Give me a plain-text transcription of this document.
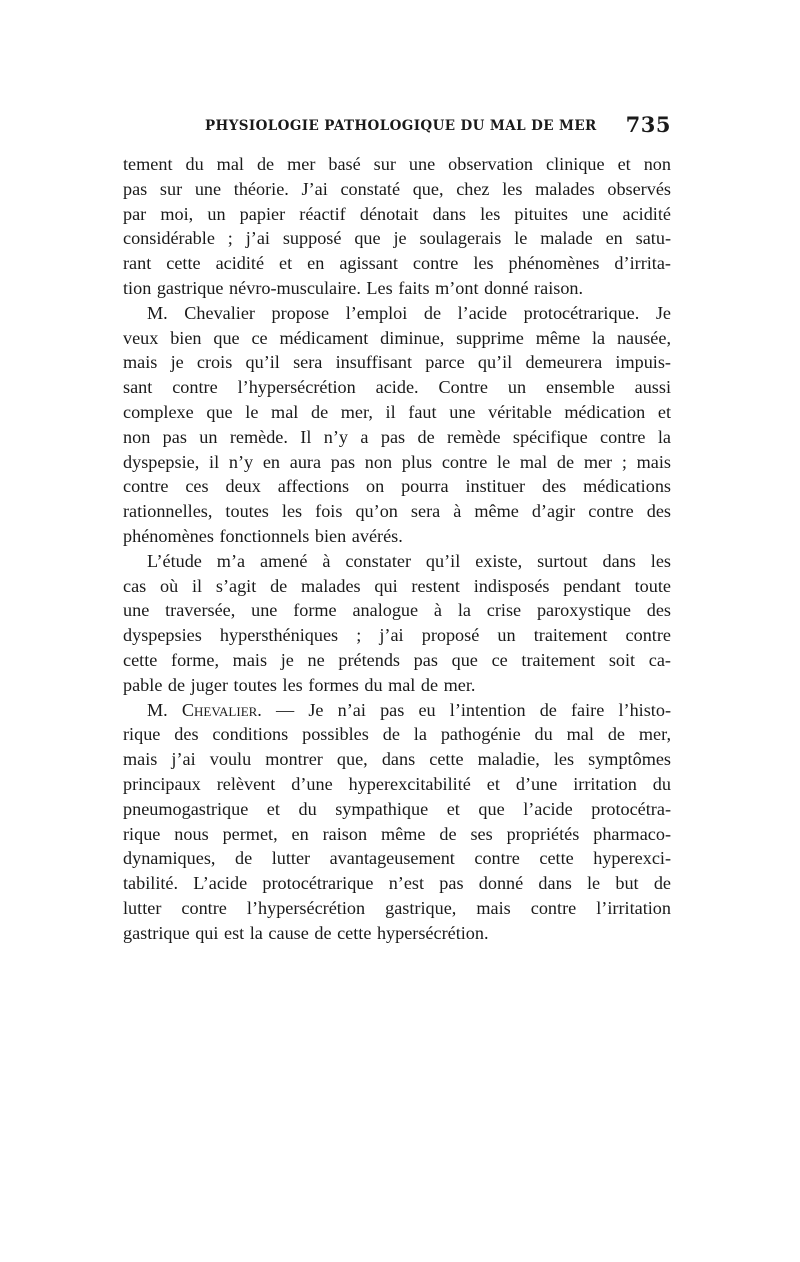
PHYSIOLOGIE PATHOLOGIQUE DU MAL DE MER 735
tement du mal de mer basé sur une observation clinique et non
pas sur une théorie. J’ai constaté que, chez les malades observés
par moi, un papier réactif dénotait dans les pituites une acidité
considérable ; j’ai supposé que je soulagerais le malade en satu-
rant cette acidité et en agissant contre les phénomènes d’irrita-
tion gastrique névro-musculaire. Les faits m’ont donné raison.
M. Chevalier propose l’emploi de l’acide protocétrarique. Je
veux bien que ce médicament diminue, supprime même la nausée,
mais je crois qu’il sera insuffisant parce qu’il demeurera impuis-
sant contre l’hypersécrétion acide. Contre un ensemble aussi
complexe que le mal de mer, il faut une véritable médication et
non pas un remède. Il n’y a pas de remède spécifique contre la
dyspepsie, il n’y en aura pas non plus contre le mal de mer ; mais
contre ces deux affections on pourra instituer des médications
rationnelles, toutes les fois qu’on sera à même d’agir contre des
phénomènes fonctionnels bien avérés.
L’étude m’a amené à constater qu’il existe, surtout dans les
cas où il s’agit de malades qui restent indisposés pendant toute
une traversée, une forme analogue à la crise paroxystique des
dyspepsies hypersthéniques ; j’ai proposé un traitement contre
cette forme, mais je ne prétends pas que ce traitement soit ca-
pable de juger toutes les formes du mal de mer.
M. Chevalier. — Je n’ai pas eu l’intention de faire l’histo-
rique des conditions possibles de la pathogénie du mal de mer,
mais j’ai voulu montrer que, dans cette maladie, les symptômes
principaux relèvent d’une hyperexcitabilité et d’une irritation du
pneumogastrique et du sympathique et que l’acide protocétra-
rique nous permet, en raison même de ses propriétés pharmaco-
dynamiques, de lutter avantageusement contre cette hyperexci-
tabilité. L’acide protocétrarique n’est pas donné dans le but de
lutter contre l’hypersécrétion gastrique, mais contre l’irritation
gastrique qui est la cause de cette hypersécrétion.
